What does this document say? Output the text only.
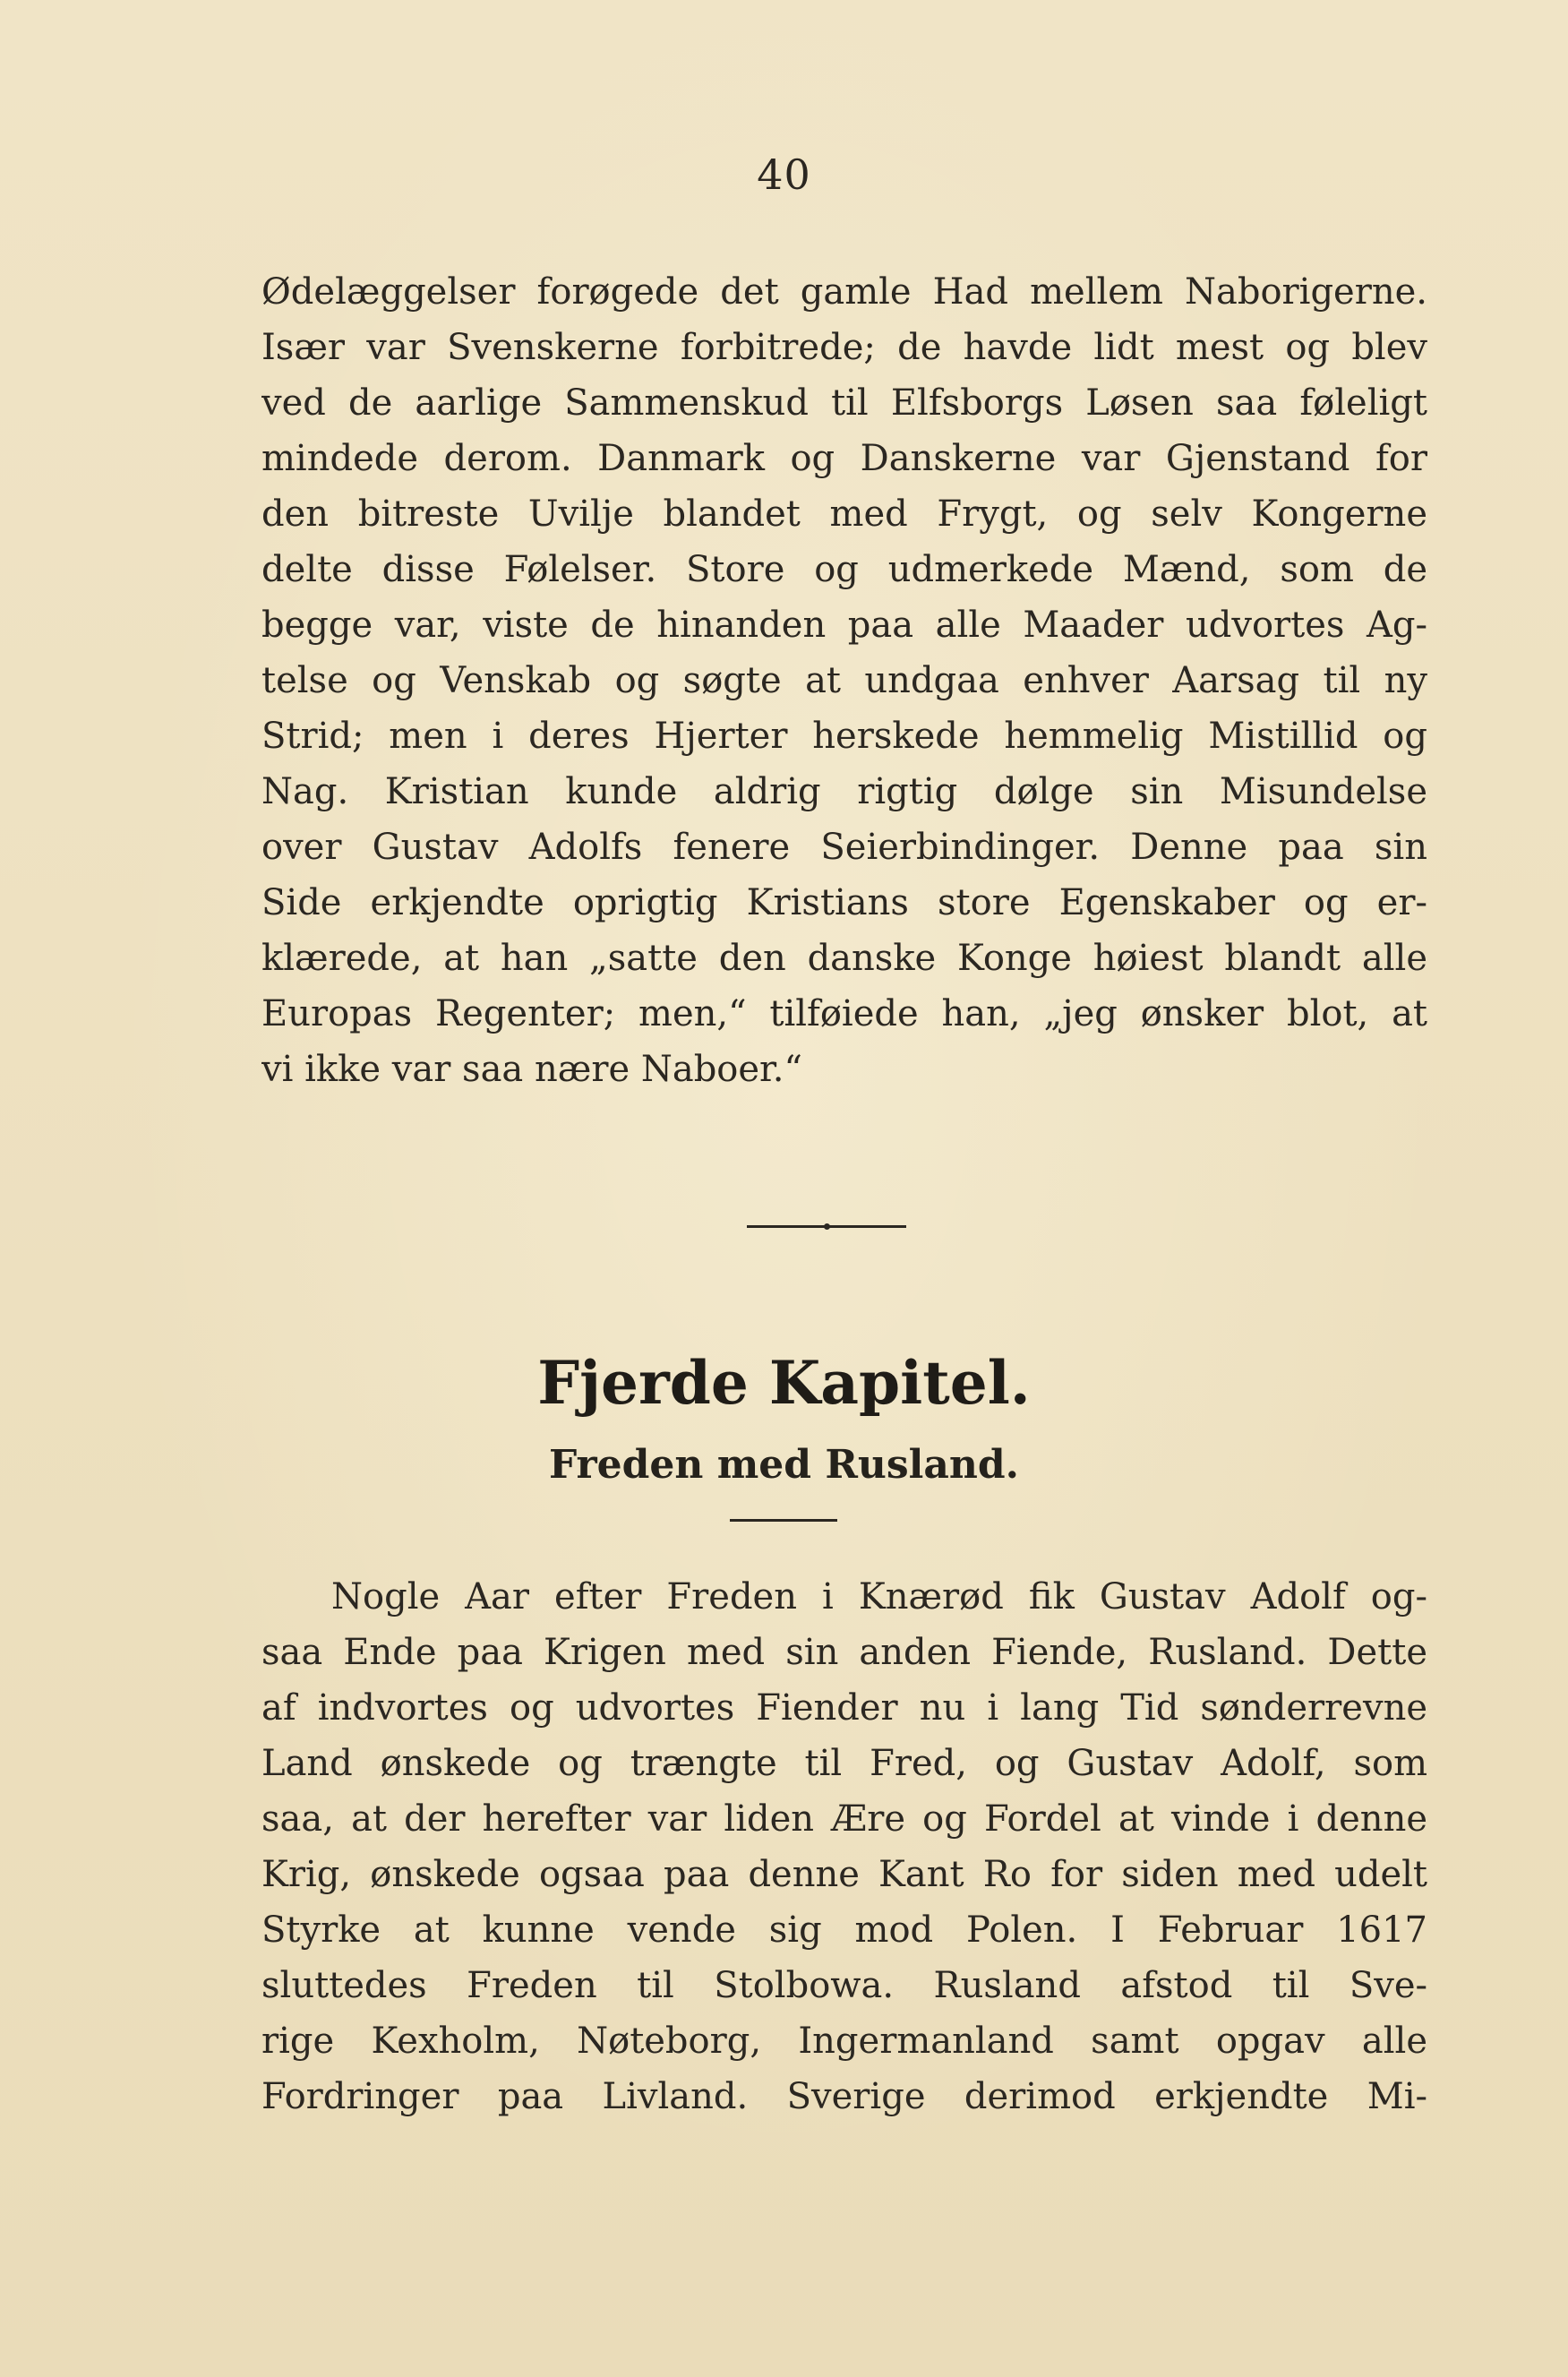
40
Ødelæggelser forøgede det gamle Had mellem Naborigerne.
Især var Svenskerne forbitrede; de havde lidt mest og blev
ved de aarlige Sammenskud til Elfsborgs Løsen saa føleligt
mindede derom. Danmark og Danskerne var Gjenstand for
den bitreste Uvilje blandet med Frygt, og selv Kongerne
delte disse Følelser. Store og udmerkede Mænd, som de
begge var, viste de hinanden paa alle Maader udvortes Ag-
telse og Venskab og søgte at undgaa enhver Aarsag til ny
Strid; men i deres Hjerter herskede hemmelig Mistillid og
Nag. Kristian kunde aldrig rigtig dølge sin Misundelse
over Gustav Adolfs fenere Seierbindinger. Denne paa sin
Side erkjendte oprigtig Kristians store Egenskaber og er-
klærede, at han „satte den danske Konge høiest blandt alle
Europas Regenter; men,“ tilføiede han, „jeg ønsker blot, at
vi ikke var saa nære Naboer.“
Fjerde Kapitel.
Freden med Rusland.
Nogle Aar efter Freden i Knærød fik Gustav Adolf og-
saa Ende paa Krigen med sin anden Fiende, Rusland. Dette
af indvortes og udvortes Fiender nu i lang Tid sønderrevne
Land ønskede og trængte til Fred, og Gustav Adolf, som
saa, at der herefter var liden Ære og Fordel at vinde i denne
Krig, ønskede ogsaa paa denne Kant Ro for siden med udelt
Styrke at kunne vende sig mod Polen. I Februar 1617
sluttedes Freden til Stolbowa. Rusland afstod til Sve-
rige Kexholm, Nøteborg, Ingermanland samt opgav alle
Fordringer paa Livland. Sverige derimod erkjendte Mi-
